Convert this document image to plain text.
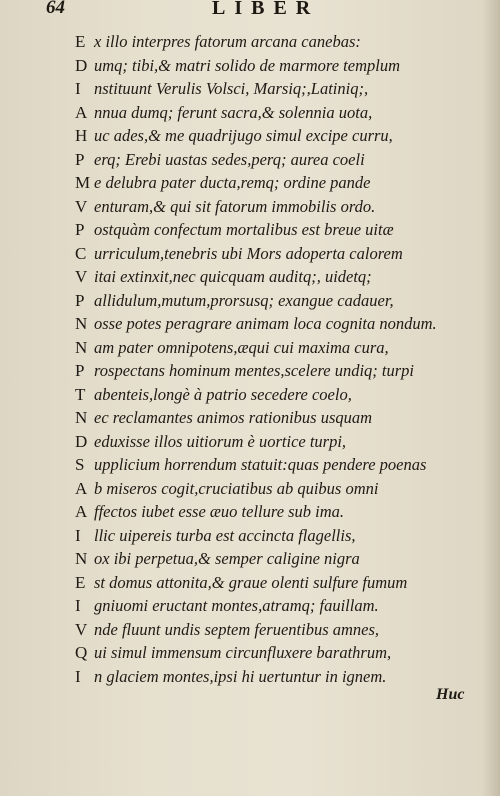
64	LIBER
E x illo interpres fatorum arcana canebas:
D umq; tibi,& matri solido de marmore templum
I nstituunt Verulis Volsci, Marsiq;,Latiniq;,
A nnua dumq; ferunt sacra,& solennia uota,
H uc ades,& me quadrijugo simul excipe curru,
P erq; Erebi uastas sedes,perq; aurea coeli
M e delubra pater ducta,remq; ordine pande
V enturam,& qui sit fatorum immobilis ordo.
P ostquàm confectum mortalibus est breue uitæ
C urriculum,tenebris ubi Mors adoperta calorem
V itai extinxit,nec quicquam auditq;, uidetq;
P allidulum,mutum,prorsusq; exangue cadauer,
N osse potes peragrare animam loca cognita nondum.
N am pater omnipotens,æqui cui maxima cura,
P rospectans hominum mentes,scelere undiq; turpi
T abenteis,longè à patrio secedere coelo,
N ec reclamantes animos rationibus usquam
D eduxisse illos uitiorum è uortice turpi,
S upplicium horrendum statuit:quas pendere poenas
A b miseros cogit,cruciatibus ab quibus omni
A ffectos iubet esse æuo tellure sub ima.
I llic uipereis turba est accincta flagellis,
N ox ibi perpetua,& semper caligine nigra
E st domus attonita,& graue olenti sulfure fumum
I gniuomi eructant montes,atramq; fauillam.
V nde fluunt undis septem feruentibus amnes,
Q ui simul immensum circunfluxere barathrum,
I n glaciem montes,ipsi hi uertuntur in ignem.
Huc
